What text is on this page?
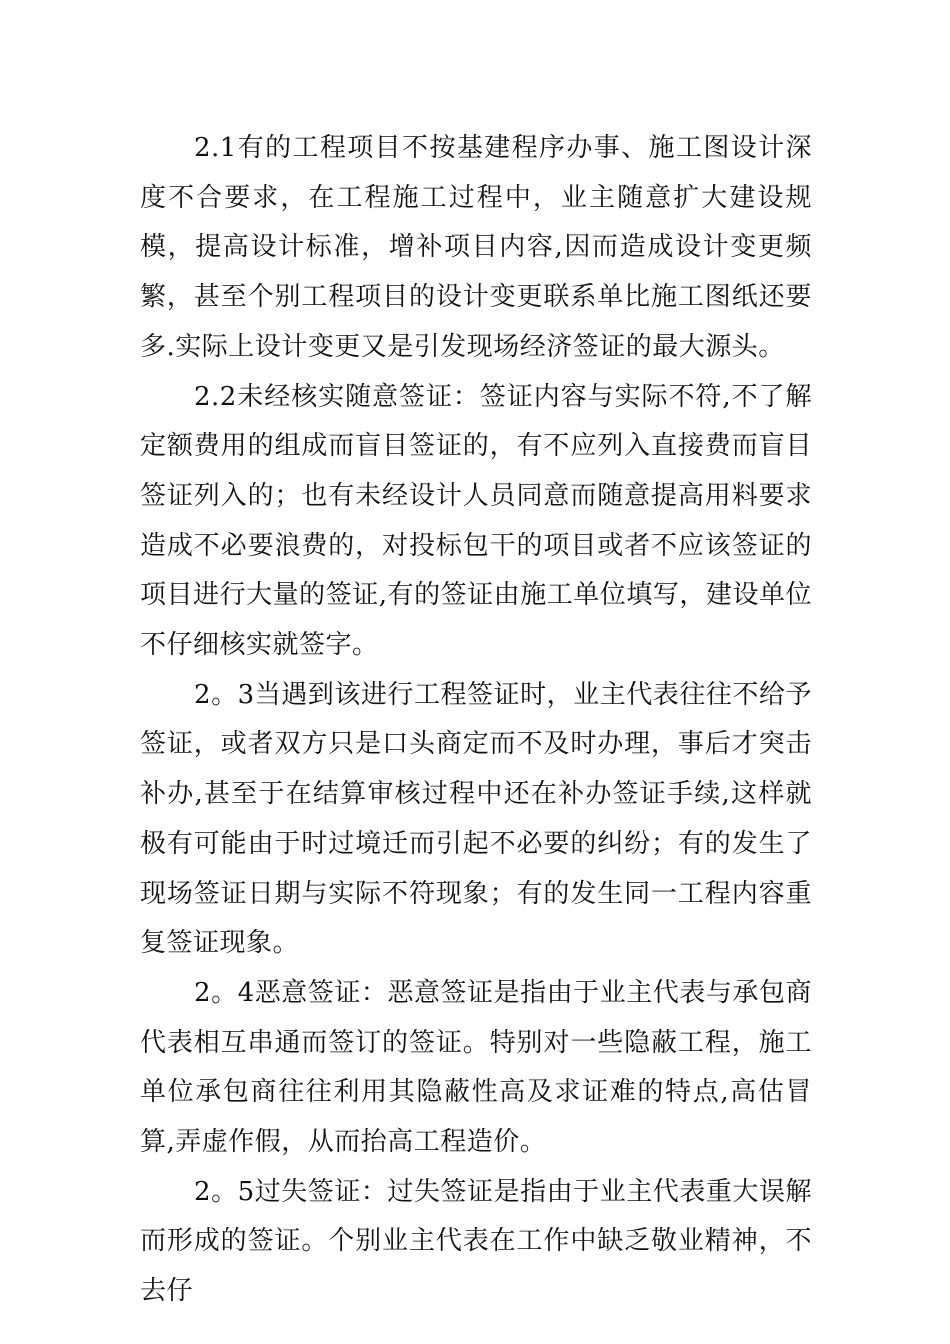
2.1有的工程项目不按基建程序办事、施工图设计深度不合要求，在工程施工过程中，业主随意扩大建设规模，提高设计标准，增补项目内容,因而造成设计变更频繁，甚至个别工程项目的设计变更联系单比施工图纸还要多.实际上设计变更又是引发现场经济签证的最大源头。

2.2未经核实随意签证：签证内容与实际不符,不了解定额费用的组成而盲目签证的，有不应列入直接费而盲目签证列入的；也有未经设计人员同意而随意提高用料要求造成不必要浪费的，对投标包干的项目或者不应该签证的项目进行大量的签证,有的签证由施工单位填写，建设单位不仔细核实就签字。

2。3当遇到该进行工程签证时，业主代表往往不给予签证，或者双方只是口头商定而不及时办理，事后才突击补办,甚至于在结算审核过程中还在补办签证手续,这样就极有可能由于时过境迁而引起不必要的纠纷；有的发生了现场签证日期与实际不符现象；有的发生同一工程内容重复签证现象。

2。4恶意签证：恶意签证是指由于业主代表与承包商代表相互串通而签订的签证。特别对一些隐蔽工程，施工单位承包商往往利用其隐蔽性高及求证难的特点,高估冒算,弄虚作假，从而抬高工程造价。

2。5过失签证：过失签证是指由于业主代表重大误解而形成的签证。个别业主代表在工作中缺乏敬业精神，不去仔
